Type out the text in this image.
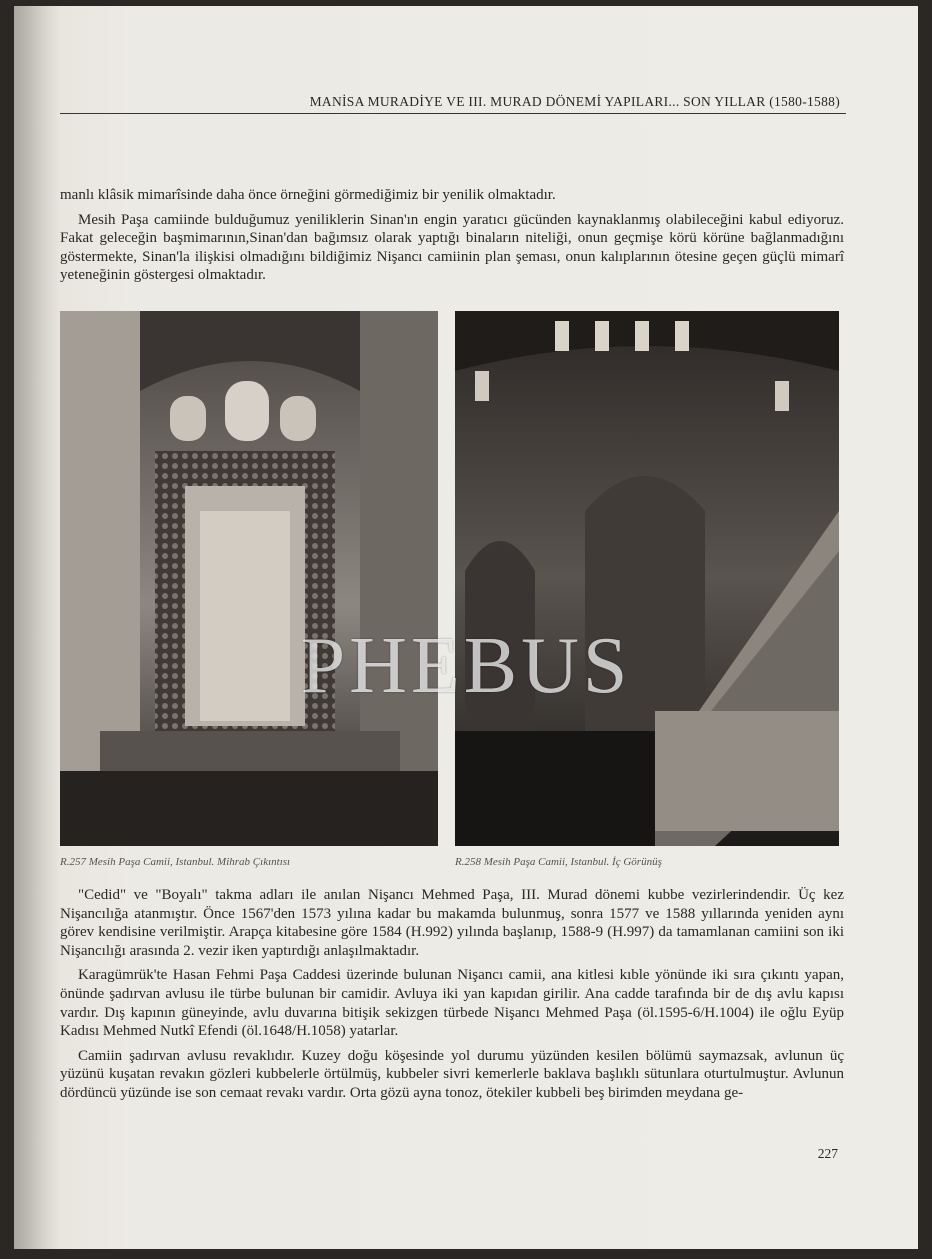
MANİSA MURADİYE VE III. MURAD DÖNEMİ YAPILARI... SON YILLAR (1580-1588)

manlı klâsik mimarîsinde daha önce örneğini görmediğimiz bir yenilik olmaktadır.

Mesih Paşa camiinde bulduğumuz yeniliklerin Sinan'ın engin yaratıcı gücünden kaynaklanmış olabileceğini kabul ediyoruz. Fakat geleceğin başmimarının,Sinan'dan bağımsız olarak yaptığı binaların niteliği, onun geçmişe körü körüne bağlanmadığını göstermekte, Sinan'la ilişkisi olmadığını bildiğimiz Nişancı camiinin plan şeması, onun kalıplarının ötesine geçen güçlü mimarî yeteneğinin göstergesi olmaktadır.

PHEBUS
R.257 Mesih Paşa Camii, Istanbul. Mihrab Çıkıntısı	R.258 Mesih Paşa Camii, Istanbul. İç Görünüş

"Cedid" ve "Boyalı" takma adları ile anılan Nişancı Mehmed Paşa, III. Murad dönemi kubbe vezirlerindendir. Üç kez Nişancılığa atanmıştır. Önce 1567'den 1573 yılına kadar bu makamda bulunmuş, sonra 1577 ve 1588 yıllarında yeniden aynı görev kendisine verilmiştir. Arapça kitabesine göre 1584 (H.992) yılında başlanıp, 1588-9 (H.997) da tamamlanan camiini son iki Nişancılığı arasında 2. vezir iken yaptırdığı anlaşılmaktadır.

Karagümrük'te Hasan Fehmi Paşa Caddesi üzerinde bulunan Nişancı camii, ana kitlesi kıble yönünde iki sıra çıkıntı yapan, önünde şadırvan avlusu ile türbe bulunan bir camidir. Avluya iki yan kapıdan girilir. Ana cadde tarafında bir de dış avlu kapısı vardır. Dış kapının güneyinde, avlu duvarına bitişik sekizgen türbede Nişancı Mehmed Paşa (öl.1595-6/H.1004) ile oğlu Eyüp Kadısı Mehmed Nutkî Efendi (öl.1648/H.1058) yatarlar.

Camiin şadırvan avlusu revaklıdır. Kuzey doğu köşesinde yol durumu yüzünden kesilen bölümü saymazsak, avlunun üç yüzünü kuşatan revakın gözleri kubbelerle örtülmüş, kubbeler sivri kemerlerle baklava başlıklı sütunlara oturtulmuştur. Avlunun dördüncü yüzünde ise son cemaat revakı vardır. Orta gözü ayna tonoz, ötekiler kubbeli beş birimden meydana ge-

227
